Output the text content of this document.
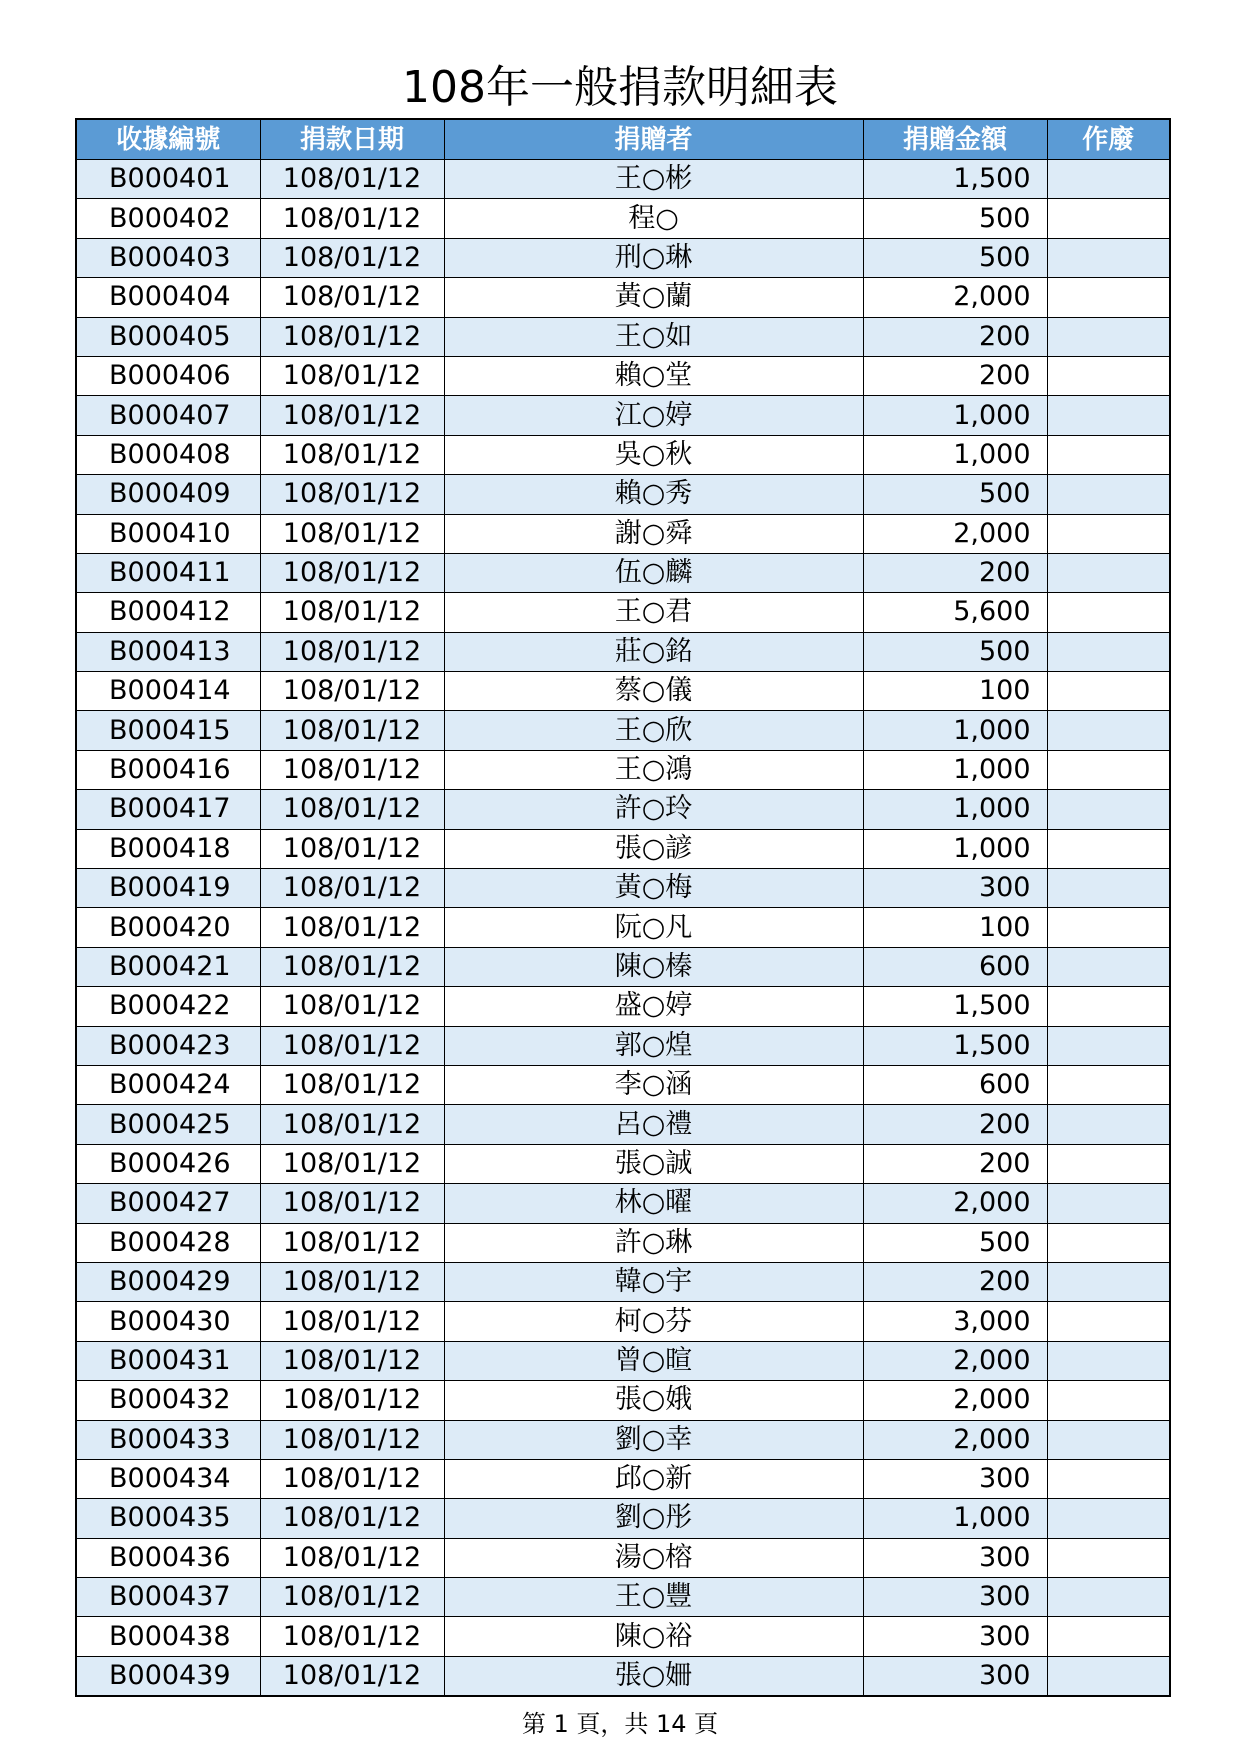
108年一般捐款明細表
收據編號	捐款日期	捐贈者	捐贈金額	作廢
B000401	108/01/12	王○彬	1,500	
B000402	108/01/12	程○	500	
B000403	108/01/12	刑○琳	500	
B000404	108/01/12	黃○蘭	2,000	
B000405	108/01/12	王○如	200	
B000406	108/01/12	賴○堂	200	
B000407	108/01/12	江○婷	1,000	
B000408	108/01/12	吳○秋	1,000	
B000409	108/01/12	賴○秀	500	
B000410	108/01/12	謝○舜	2,000	
B000411	108/01/12	伍○麟	200	
B000412	108/01/12	王○君	5,600	
B000413	108/01/12	莊○銘	500	
B000414	108/01/12	蔡○儀	100	
B000415	108/01/12	王○欣	1,000	
B000416	108/01/12	王○鴻	1,000	
B000417	108/01/12	許○玲	1,000	
B000418	108/01/12	張○諺	1,000	
B000419	108/01/12	黃○梅	300	
B000420	108/01/12	阮○凡	100	
B000421	108/01/12	陳○榛	600	
B000422	108/01/12	盛○婷	1,500	
B000423	108/01/12	郭○煌	1,500	
B000424	108/01/12	李○涵	600	
B000425	108/01/12	呂○禮	200	
B000426	108/01/12	張○誠	200	
B000427	108/01/12	林○曜	2,000	
B000428	108/01/12	許○琳	500	
B000429	108/01/12	韓○宇	200	
B000430	108/01/12	柯○芬	3,000	
B000431	108/01/12	曾○暄	2,000	
B000432	108/01/12	張○娥	2,000	
B000433	108/01/12	劉○幸	2,000	
B000434	108/01/12	邱○新	300	
B000435	108/01/12	劉○彤	1,000	
B000436	108/01/12	湯○榕	300	
B000437	108/01/12	王○豐	300	
B000438	108/01/12	陳○裕	300	
B000439	108/01/12	張○姍	300	
第 1 頁，共 14 頁
